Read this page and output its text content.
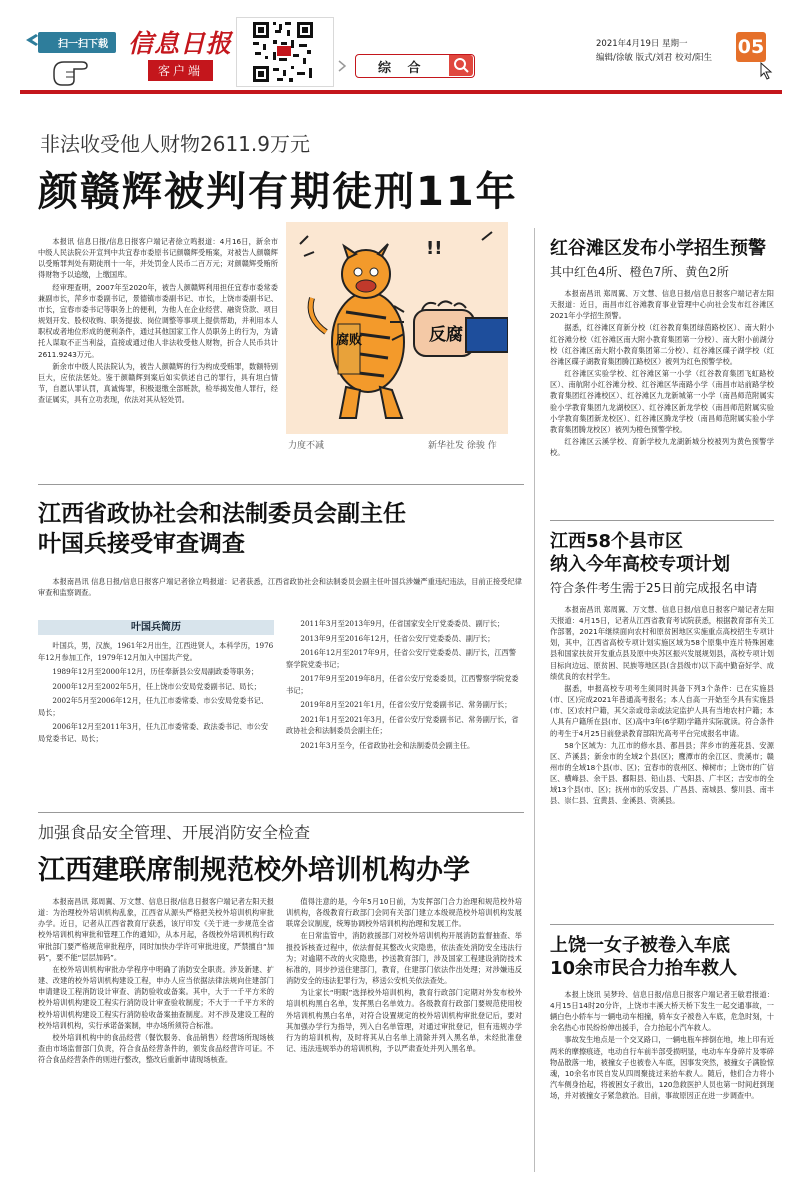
扫一扫下载 信息日报
客户端	综 合
2021年4月19日 星期一
编辑/徐敏 版式/刘君 校对/阳生 05
非法收受他人财物2611.9万元
颜赣辉被判有期徒刑11年

本报讯 信息日报/信息日报客户端记者徐立鸣报道：4月16日，新余市中级人民法院公开宣判中共宜春市委原书记颜赣辉受贿案，对被告人颜赣辉以受贿罪判处有期徒刑十一年，并处罚金人民币二百万元；对颜赣辉受贿所得财物予以追缴，上缴国库。

经审理查明，2007年至2020年，被告人颜赣辉利用担任宜春市委常委兼副市长，萍乡市委副书记，景德镇市委副书记、市长，上饶市委副书记、市长，宜春市委书记等职务上的便利，为他人在企业经营、融资贷款、项目规划开发、股权收购、职务提拔、岗位调整等事项上提供帮助，并利用本人职权或者地位形成的便利条件，通过其他国家工作人员职务上的行为，为请托人谋取不正当利益，直接或通过他人非法收受他人财物，折合人民币共计2611.9243万元。

新余市中级人民法院认为，被告人颜赣辉的行为构成受贿罪，数额特别巨大，应依法惩处。鉴于颜赣辉到案后如实供述自己的罪行，具有坦白情节，自愿认罪认罚，真诚悔罪，积极退缴全部赃款，检举揭发他人罪行，经查证属实，具有立功表现，依法对其从轻处罚。

腐败	反腐
!!
力度不减	新华社发 徐骏 作
江西省政协社会和法制委员会副主任
叶国兵接受审查调查
本报南昌讯 信息日报/信息日报客户端记者徐立鸣报道：记者获悉，江西省政协社会和法制委员会副主任叶国兵涉嫌严重违纪违法，目前正接受纪律审查和监察调查。
叶国兵简历
叶国兵，男，汉族，1961年2月出生，江西进贤人，本科学历，1976年12月参加工作，1979年12月加入中国共产党。
1989年12月至2000年12月，历任奉新县公安局副政委等职务；
2000年12月至2002年5月，任上饶市公安局党委副书记、局长；
2002年5月至2006年12月，任九江市委常委、市公安局党委书记、局长；
2006年12月至2011年3月，任九江市委常委、政法委书记、市公安局党委书记、局长；
2011年3月至2013年9月，任省国家安全厅党委委员、副厅长；
2013年9月至2016年12月，任省公安厅党委委员、副厅长；
2016年12月至2017年9月，任省公安厅党委委员、副厅长，江西警察学院党委书记；
2017年9月至2019年8月，任省公安厅党委委员，江西警察学院党委书记；
2019年8月至2021年1月，任省公安厅党委副书记、常务副厅长；
2021年1月至2021年3月，任省公安厅党委副书记、常务副厅长，省政协社会和法制委员会副主任；
2021年3月至今，任省政协社会和法制委员会副主任。
加强食品安全管理、开展消防安全检查
江西建联席制规范校外培训机构办学

本报南昌讯 郑周翼、万文慧、信息日报/信息日报客户端记者左阳天报道：为治理校外培训机构乱象，江西省从源头严格把关校外培训机构审批办学。近日，记者从江西省教育厅获悉，该厅印发《关于进一步规范全省校外培训机构审批和管理工作的通知》，从本月起，各级校外培训机构行政审批部门要严格规范审批程序，同时加快办学许可审批进度，严禁擅自“加码”，要不能“层层加码”。

在校外培训机构审批办学程序中明确了消防安全职责。涉及新建、扩建、改建的校外培训机构建设工程，申办人应当依据法律法规向住建部门申请建设工程消防设计审查、消防验收或备案。其中，大于一千平方米的校外培训机构建设工程实行消防设计审查验收制度；不大于一千平方米的校外培训机构建设工程实行消防验收备案抽查制度。对不涉及建设工程的校外培训机构，实行承诺备案制，申办场所须符合标准。

校外培训机构中的食品经营（餐饮服务、食品销售）经营场所现场核查由市场监督部门负责，符合食品经营条件的，颁发食品经营许可证。不符合食品经营条件的则进行整改，整改后重新申请现场核查。

值得注意的是，今年5月10日前，为发挥部门合力治理和规范校外培训机构，各级教育行政部门会同有关部门建立本级规范校外培训机构发展联席会议制度，统筹协调校外培训机构治理和发展工作。

在日常监管中，消防救援部门对校外培训机构开展消防监督抽查、举报投诉核查过程中，依法督促其整改火灾隐患，依法查处消防安全违法行为；对逾期不改的火灾隐患，抄送教育部门，涉及国家工程建设消防技术标准的，同步抄送住建部门，教育，住建部门依法作出处理；对涉嫌违反消防安全的违法犯罪行为，移送公安机关依法查处。

为让家长“明眼”选择校外培训机构，教育行政部门定期对外发布校外培训机构黑白名单，发挥黑白名单效力。各级教育行政部门要规范使用校外培训机构黑白名单，对符合设置规定的校外培训机构审批登记后，要对其加强办学行为指导，列入白名单管理，对通过审批登记，但有违规办学行为的培训机构，及时将其从白名单上清除并列入黑名单，未经批准登记、违法违规举办的培训机构，予以严肃查处并列入黑名单。

红谷滩区发布小学招生预警
其中红色4所、橙色7所、黄色2所

本报南昌讯 郑周翼、万文慧、信息日报/信息日报客户端记者左阳天报道：近日，南昌市红谷滩教育事业管理中心向社会发布红谷滩区2021年小学招生预警。

据悉，红谷滩区育新分校（红谷教育集团绿茵路校区）、南大附小红谷滩分校（红谷滩区南大附小教育集团第一分校）、南大附小前湖分校（红谷滩区南大附小教育集团第二分校）、红谷滩区碟子湖学校（红谷滩区碟子湖教育集团腾江路校区）被列为红色预警学校。

红谷滩区实验学校、红谷滩区第一小学（红谷教育集团飞虹路校区）、南航附小红谷滩分校、红谷滩区华南路小学（南昌市站前路学校教育集团红谷滩校区）、红谷滩区九龙新城第一小学（南昌师范附属实验小学教育集团九龙湖校区）、红谷滩区新龙学校（南昌师范附属实验小学教育集团新龙校区）、红谷滩区腾龙学校（南昌师范附属实验小学教育集团腾龙校区）被列为橙色预警学校。

红谷滩区云溪学校、育新学校九龙湖新城分校被列为黄色预警学校。

江西58个县市区
纳入今年高校专项计划
符合条件考生需于25日前完成报名申请

本报南昌讯 郑周翼、万文慧、信息日报/信息日报客户端记者左阳天报道：4月15日，记者从江西省教育考试院获悉，根据教育部有关工作部署，2021年继续面向农村和原贫困地区实施重点高校招生专项计划，其中，江西省高校专项计划实施区域为58个原集中连片特殊困难县和国家扶贫开发重点县及原中央苏区振兴发展规划县，高校专项计划目标向边远、原贫困、民族等地区县(含县级市)以下高中勤奋好学、成绩优良的农村学生。

据悉，申报高校专项考生须同时具备下列3个条件：已在实施县(市、区)完成2021年普通高考报名；本人自高一开始至今具有实施县(市、区)农村户籍，其父亲或母亲或法定监护人具有当地农村户籍；本人具有户籍所在县(市、区)高中3年(6学期)学籍并实际就读。符合条件的考生于4月25日前登录教育部阳光高考平台完成报名申请。

58个区域为：九江市的修水县、都昌县；萍乡市的莲花县、安源区、芦溪县；新余市的全域2个县(区)；鹰潭市的余江区、贵溪市；赣州市的全域18个县(市、区)；宜春市的袁州区、樟树市；上饶市的广信区、横峰县、余干县、鄱阳县、铅山县、弋阳县、广丰区；吉安市的全域13个县(市、区)；抚州市的乐安县、广昌县、南城县、黎川县、南丰县、崇仁县、宜黄县、金溪县、资溪县。

上饶一女子被卷入车底
10余市民合力抬车救人

本报上饶讯 吴梦玲、信息日报/信息日报客户端记者王敏君报道：4月15日14时20分许，上饶市丰溪大桥天桥下发生一起交通事故，一辆白色小轿车与一辆电动车相撞，骑车女子被卷入车底，危急时刻，十余名热心市民纷纷伸出援手，合力抬起小汽车救人。

事故发生地点是一个交叉路口，一辆电瓶车摔倒在地，地上印有近两米的摩擦痕迹，电动自行车前半部受损明显，电动车车身碎片及零碎物品散落一地，被撞女子也被卷入车底，因事发突然，被撞女子满脸惊魂，10余名市民自发从四周聚拢过来抬车救人。随后，他们合力将小汽车侧身抬起，将被困女子救出，120急救医护人员也第一时间赶到现场，并对被撞女子紧急救治。目前，事故原因正在进一步调查中。
